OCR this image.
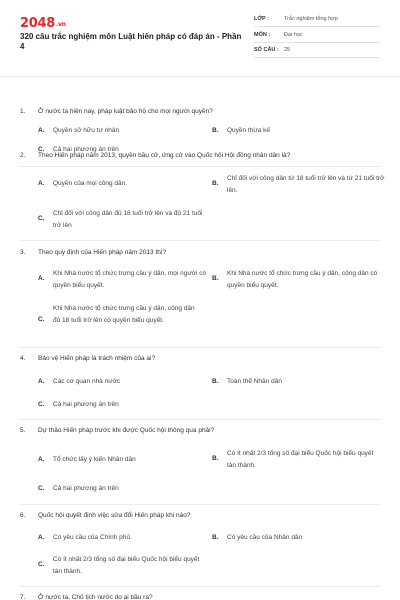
2048.vn
320 câu trắc nghiệm môn Luật hiến pháp có đáp án - Phần 4
LỚP :	Trắc nghiệm tổng hợp
MÔN :	Đại học
SỐ CÂU : 25
1. Ở nước ta hiện nay, pháp luật bảo hộ cho mọi người quyền?
A. Quyền sở hữu tư nhân	B. Quyền thừa kế
C. Cả hai phương án trên
2. Theo Hiến pháp năm 2013, quyền bầu cử, ứng cử vào Quốc hội Hội đồng nhân dân là?
A. Quyền của mọi công dân.	B.
Chỉ đối với công dân từ 18 tuổi trở lên và từ 21 tuổi trở lên.
C.
Chỉ đối với công dân đủ 18 tuổi trở lên và đủ 21 tuổi trở lên
3. Theo quy định của Hiến pháp năm 2013 thì?
A.
Khi Nhà nước tổ chức trưng cầu ý dân, mọi người có quyền biểu quyết.
B.
Khi Nhà nước tổ chức trưng cầu ý dân, công dân có quyền biểu quyết.
C.
Khi Nhà nước tổ chức trưng cầu ý dân, công dân đủ 18 tuổi trở lên có quyền biểu quyết.
4. Bảo vệ Hiến pháp là trách nhiệm của ai?
A. Các cơ quan nhà nước	B. Toàn thể Nhân dân
C. Cả hai phương án trên
5. Dự thảo Hiến pháp trước khi được Quốc hội thông qua phải?
A. Tổ chức lấy ý kiến Nhân dân	B.
Có ít nhất 2/3 tổng số đại biểu Quốc hội biểu quyết tán thành.
C. Cả hai phương án trên
6. Quốc hội quyết định việc sửa đổi Hiến pháp khi nào?
A. Có yêu cầu của Chính phủ.	B. Có yêu cầu của Nhân dân
C.
Có ít nhất 2/3 tổng số đại biểu Quốc hội biểu quyết tán thành.
7. Ở nước ta, Chủ tịch nước do ai bầu ra?
